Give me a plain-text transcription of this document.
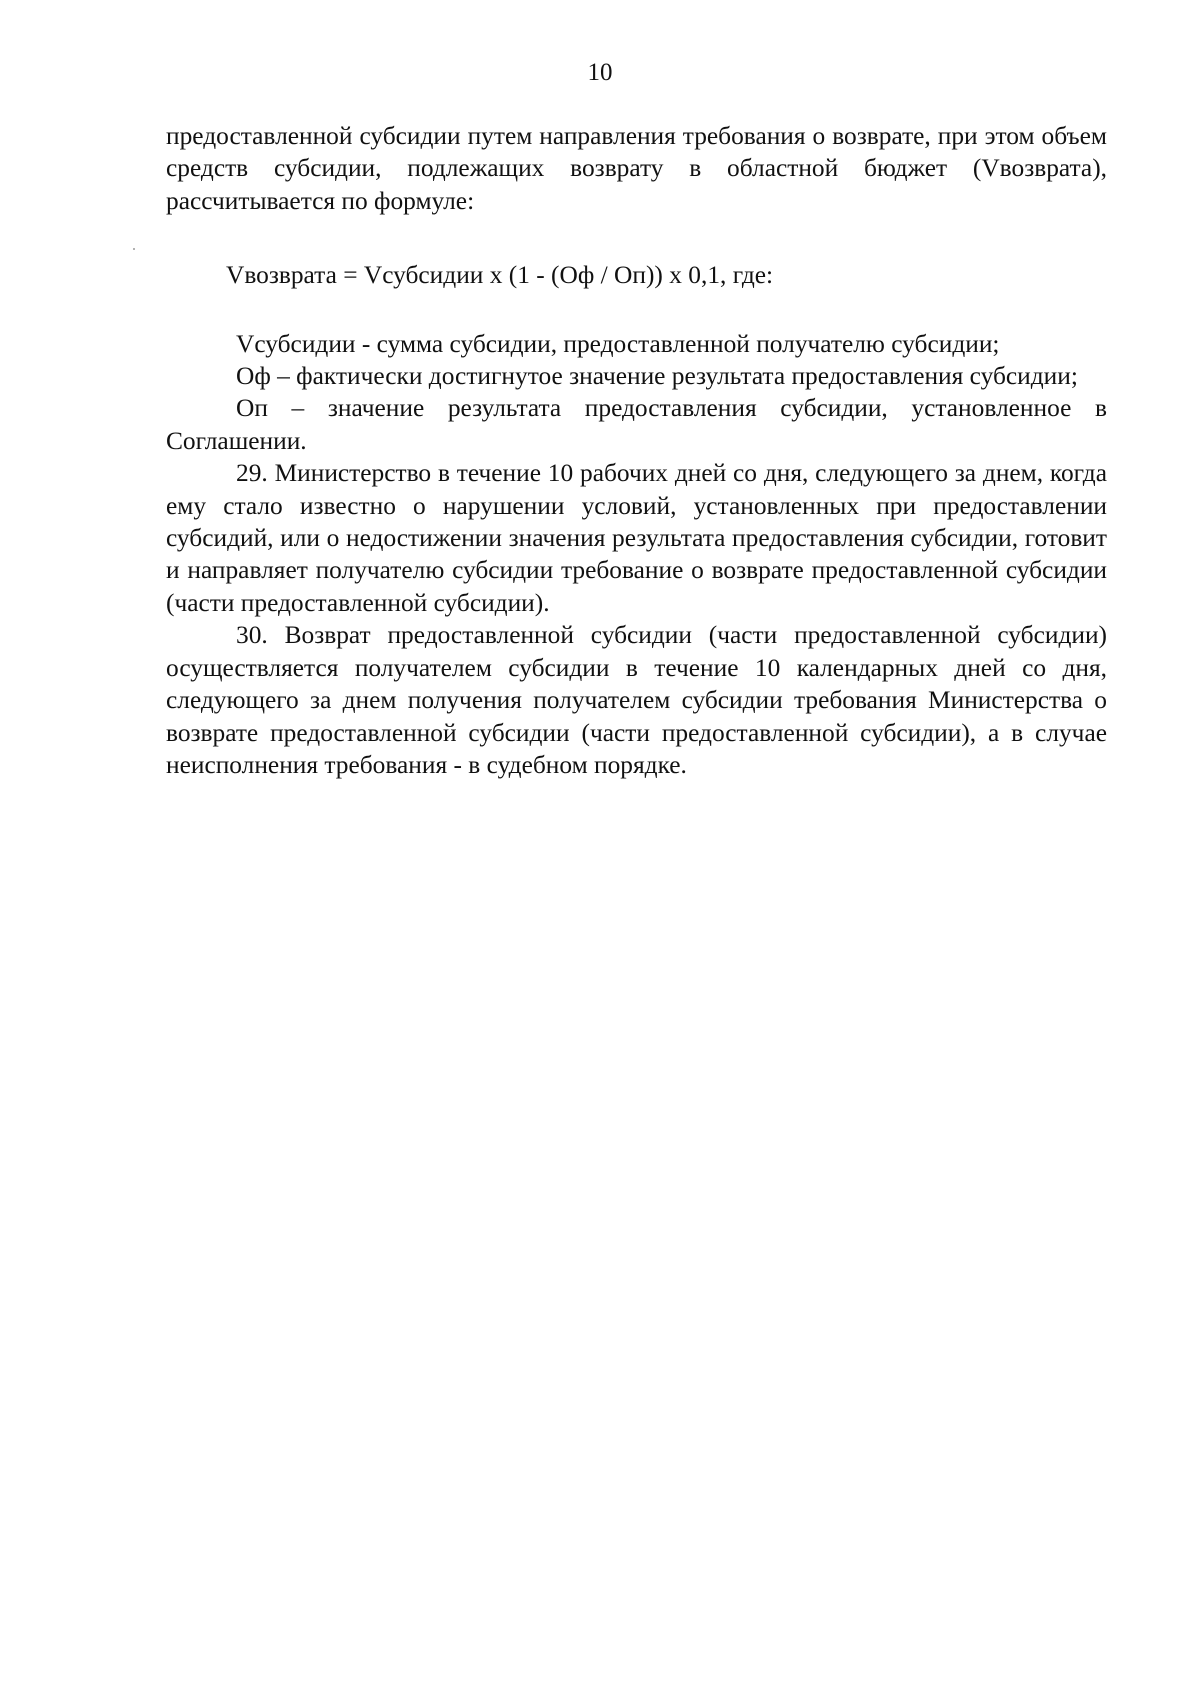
10

предоставленной субсидии путем направления требования о возврате, при этом объем средств субсидии, подлежащих возврату в областной бюджет (Vвозврата), рассчитывается по формуле:

Vвозврата = Vсубсидии x (1 - (Оф / Оп)) x 0,1, где:

Vсубсидии - сумма субсидии, предоставленной получателю субсидии;

Оф – фактически достигнутое значение результата предоставления субсидии;

Оп – значение результата предоставления субсидии, установленное в Соглашении.

29. Министерство в течение 10 рабочих дней со дня, следующего за днем, когда ему стало известно о нарушении условий, установленных при предоставлении субсидий, или о недостижении значения результата предоставления субсидии, готовит и направляет получателю субсидии требование о возврате предоставленной субсидии (части предоставленной субсидии).

30. Возврат предоставленной субсидии (части предоставленной субсидии) осуществляется получателем субсидии в течение 10 календарных дней со дня, следующего за днем получения получателем субсидии требования Министерства о возврате предоставленной субсидии (части предоставленной субсидии), а в случае неисполнения требования - в судебном порядке.
